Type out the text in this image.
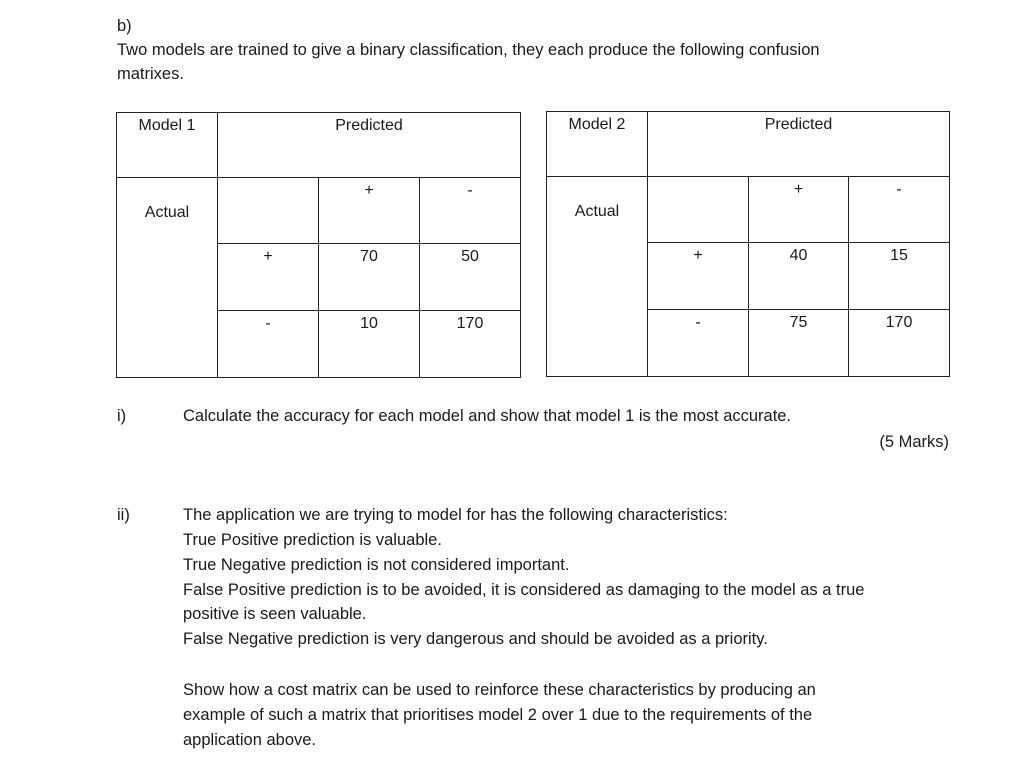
b)
Two models are trained to give a binary classification, they each produce the following confusion
matrixes.
Model 1	Predicted		
Actual		+	-
	+	70	50
	-	10	170
Model 2	Predicted		
Actual		+	-
	+	40	15
	-	75	170
i)	Calculate the accuracy for each model and show that model 1 is the most accurate.
(5 Marks)
ii)	The application we are trying to model for has the following characteristics:
True Positive prediction is valuable.
True Negative prediction is not considered important.
False Positive prediction is to be avoided, it is considered as damaging to the model as a true
positive is seen valuable.
False Negative prediction is very dangerous and should be avoided as a priority.
Show how a cost matrix can be used to reinforce these characteristics by producing an
example of such a matrix that prioritises model 2 over 1 due to the requirements of the
application above.
